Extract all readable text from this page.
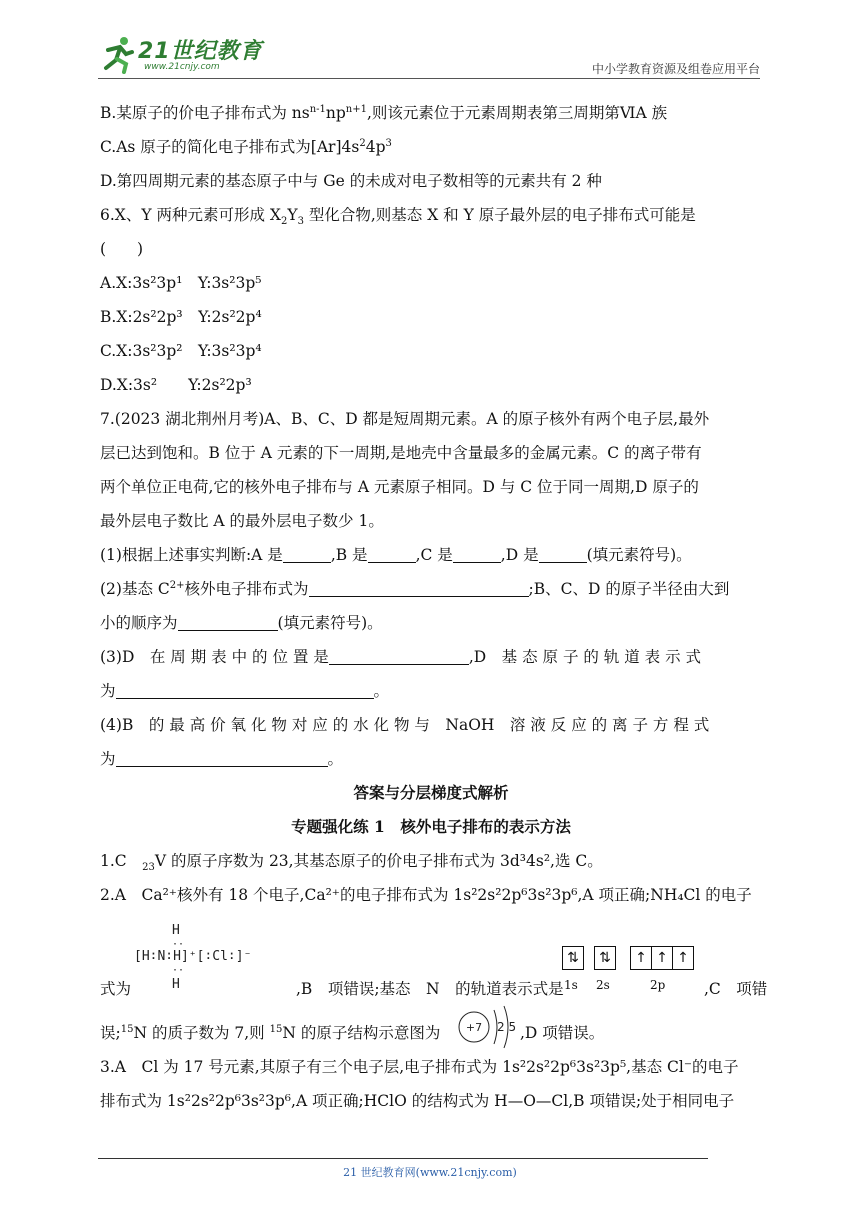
21世纪教育
www.21cnjy.com	中小学教育资源及组卷应用平台
B.某原子的价电子排布式为 $ns^{n-1}np^{n+1}$,则该元素位于元素周期表第三周期第ⅥA 族
C.As 原子的简化电子排布式为$[Ar]4s^24p^3$
D.第四周期元素的基态原子中与 Ge 的未成对电子数相等的元素共有 2 种
6.X、Y 两种元素可形成 $X_2Y_3$ 型化合物,则基态 X 和 Y 原子最外层的电子排布式可能是
(　　)
A.X:3s²3p¹　Y:3s²3p⁵
B.X:2s²2p³　Y:2s²2p⁴
C.X:3s²3p²　Y:3s²3p⁴
D.X:3s²　　Y:2s²2p³
7.(2023 湖北荆州月考)A、B、C、D 都是短周期元素。A 的原子核外有两个电子层,最外
层已达到饱和。B 位于 A 元素的下一周期,是地壳中含量最多的金属元素。C 的离子带有
两个单位正电荷,它的核外电子排布与 A 元素原子相同。D 与 C 位于同一周期,D 原子的
最外层电子数比 A 的最外层电子数少 1。
(1)根据上述事实判断:A 是	,B 是	,C 是	,D 是	(填元素符号)。
(2)基态 $C^{2+}$核外电子排布式为	;B、C、D 的原子半径由大到
小的顺序为	(填元素符号)。
(3)D　在 周 期 表 中 的 位 置 是	,D　基 态 原 子 的 轨 道 表 示 式
为	。
(4)B　的 最 高 价 氧 化 物 对 应 的 水 化 物 与　NaOH　溶 液 反 应 的 离 子 方 程 式
为	。
答案与分层梯度式解析
专题强化练 1　核外电子排布的表示方法
1.C　$_{23}$V 的原子序数为 23,其基态原子的价电子排布式为 3d³4s²,选 C。
2.A　Ca²⁺核外有 18 个电子,Ca²⁺的电子排布式为 1s²2s²2p⁶3s²3p⁶,A 项正确;NH₄Cl 的电子
式为
H
··
[H∶N∶H]⁺[∶Cl∶]⁻
··
H	,B　项错误;基态　N　的轨道表示式是
⇅	⇅	↑ ↑ ↑
1s 2s	2p ,C　项错
误;$^{15}$N 的质子数为 7,则 $^{15}$N 的原子结构示意图为 +7 2 5 ,D 项错误。
3.A　Cl 为 17 号元素,其原子有三个电子层,电子排布式为 1s²2s²2p⁶3s²3p⁵,基态 Cl⁻的电子
排布式为 1s²2s²2p⁶3s²3p⁶,A 项正确;HClO 的结构式为 H—O—Cl,B 项错误;处于相同电子
21 世纪教育网(www.21cnjy.com)
